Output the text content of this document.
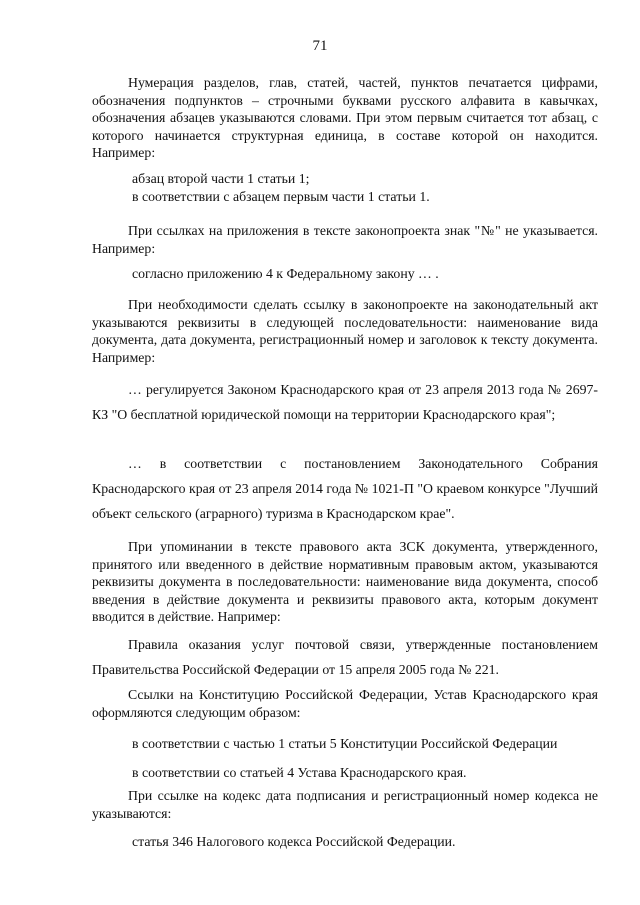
71
Нумерация разделов, глав, статей, частей, пунктов печатается цифрами, обозначения подпунктов – строчными буквами русского алфавита в кавычках, обозначения абзацев указываются словами. При этом первым считается тот абзац, с которого начинается структурная единица, в составе которой он находится. Например:
абзац второй части 1 статьи 1;
в соответствии с абзацем первым части 1 статьи 1.
При ссылках на приложения в тексте законопроекта знак "№" не указывается. Например:
согласно приложению 4 к Федеральному закону … .
При необходимости сделать ссылку в законопроекте на законодательный акт указываются реквизиты в следующей последовательности: наименование вида документа, дата документа, регистрационный номер и заголовок к тексту документа. Например:
… регулируется Законом Краснодарского края от 23 апреля 2013 года № 2697-КЗ "О бесплатной юридической помощи на территории Краснодарского края";
… в соответствии с постановлением Законодательного Собрания Краснодарского края от 23 апреля 2014 года № 1021-П "О краевом конкурсе "Лучший объект сельского (аграрного) туризма в Краснодарском крае".
При упоминании в тексте правового акта ЗСК документа, утвержденного, принятого или введенного в действие нормативным правовым актом, указываются реквизиты документа в последовательности: наименование вида документа, способ введения в действие документа и реквизиты правового акта, которым документ вводится в действие. Например:
Правила оказания услуг почтовой связи, утвержденные постановлением Правительства Российской Федерации от 15 апреля 2005 года № 221.
Ссылки на Конституцию Российской Федерации, Устав Краснодарского края оформляются следующим образом:
в соответствии с частью 1 статьи 5 Конституции Российской Федерации
в соответствии со статьей 4 Устава Краснодарского края.
При ссылке на кодекс дата подписания и регистрационный номер кодекса не указываются:
статья 346 Налогового кодекса Российской Федерации.
